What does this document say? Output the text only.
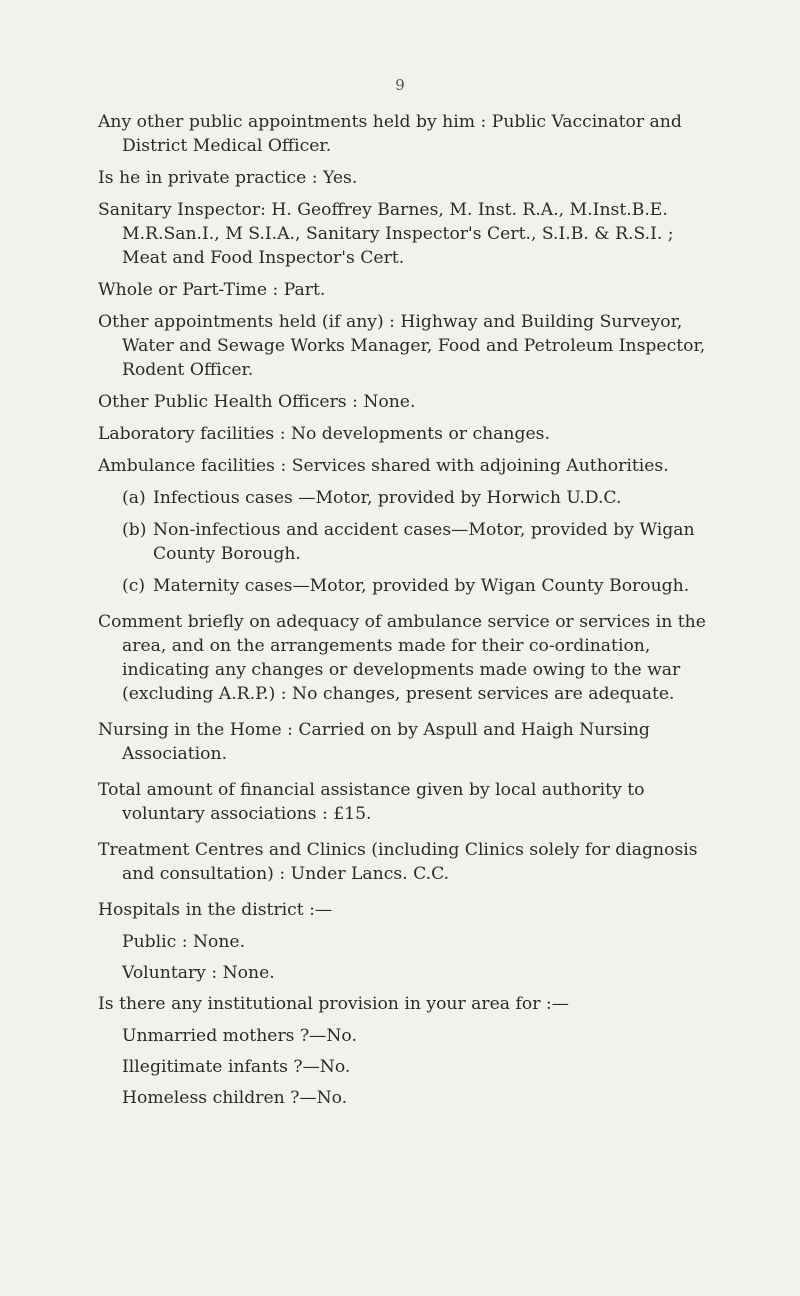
9

Any other public appointments held by him : Public Vaccinator and District Medical Officer.

Is he in private practice : Yes.

Sanitary Inspector: H. Geoffrey Barnes, M. Inst. R.A., M.Inst.B.E. M.R.San.I., M S.I.A., Sanitary Inspector's Cert., S.I.B. & R.S.I. ; Meat and Food Inspector's Cert.

Whole or Part-Time : Part.

Other appointments held (if any) : Highway and Building Surveyor, Water and Sewage Works Manager, Food and Petroleum Inspector, Rodent Officer.

Other Public Health Officers : None.

Laboratory facilities : No developments or changes.

Ambulance facilities : Services shared with adjoining Authorities.

(a) Infectious cases —Motor, provided by Horwich U.D.C.

(b) Non-infectious and accident cases—Motor, provided by Wigan County Borough.

(c) Maternity cases—Motor, provided by Wigan County Borough.

Comment briefly on adequacy of ambulance service or services in the area, and on the arrangements made for their co-ordination, indicating any changes or developments made owing to the war (excluding A.R.P.) : No changes, present services are adequate.

Nursing in the Home : Carried on by Aspull and Haigh Nursing Association.

Total amount of financial assistance given by local authority to voluntary associations : £15.

Treatment Centres and Clinics (including Clinics solely for diagnosis and consultation) : Under Lancs. C.C.

Hospitals in the district :—

Public : None.

Voluntary : None.

Is there any institutional provision in your area for :—

Unmarried mothers ?—No.

Illegitimate infants ?—No.

Homeless children ?—No.
